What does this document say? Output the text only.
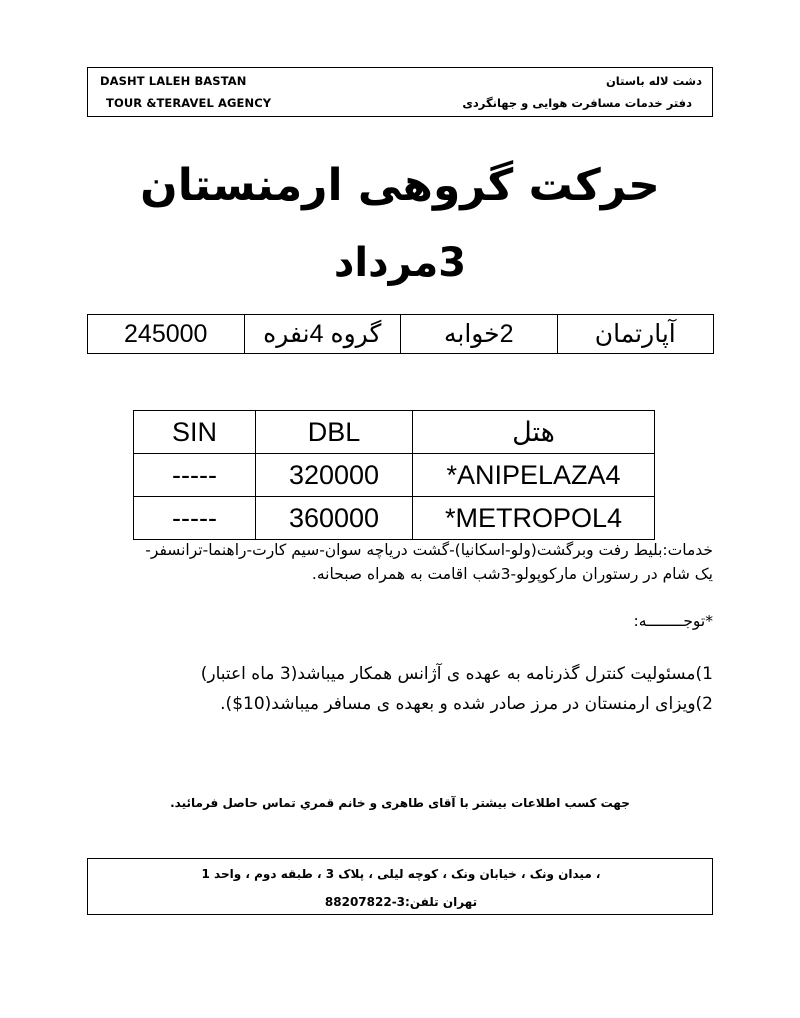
DASHT LALEH BASTAN
TOUR &TERAVEL AGENCY
دشت لاله باستان
دفتر خدمات مسافرت هوایی و جهانگردی
حرکت گروهی ارمنستان
3مرداد
آپارتمان	2خوابه	گروه 4نفره	245000
هتل	DBL	SIN
ANIPELAZA4*	320000	-----
METROPOL4*	360000	-----
خدمات:بلیط رفت وبرگشت(ولو-اسکانیا)-گشت دریاچه سوان-سیم کارت-راهنما-ترانسفر-
یک شام در رستوران مارکوپولو-3شب اقامت به همراه صبحانه.
*توجــــــــه:
1)مسئولیت کنترل گذرنامه به عهده ی آژانس همکار میباشد(3 ماه اعتبار)
2)ویزای ارمنستان در مرز صادر شده و بعهده ی مسافر میباشد(10$).
جهت کسب اطلاعات بیشتر با آقای طاهری و خانم قمري تماس حاصل فرمائید.
، میدان ونک ، خیابان ونک ، کوچه لیلی ، پلاک 3 ، طبقه دوم ، واحد 1
تهران تلفن:3-88207822
